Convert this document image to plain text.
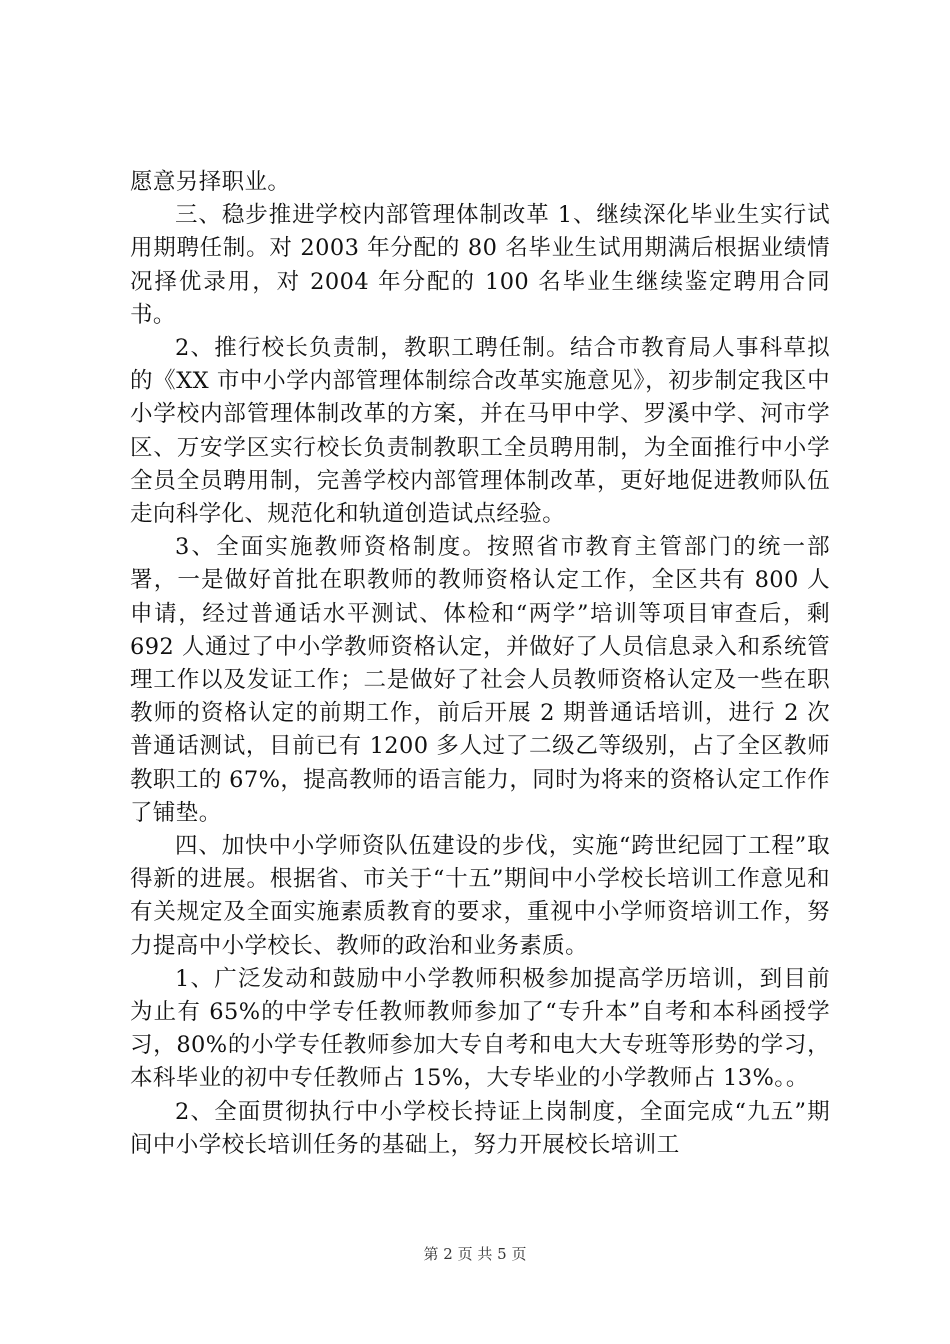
愿意另择职业。

三、稳步推进学校内部管理体制改革 1、继续深化毕业生实行试用期聘任制。对 2003 年分配的 80 名毕业生试用期满后根据业绩情况择优录用，对 2004 年分配的 100 名毕业生继续鉴定聘用合同书。

2、推行校长负责制，教职工聘任制。结合市教育局人事科草拟的《XX 市中小学内部管理体制综合改革实施意见》，初步制定我区中小学校内部管理体制改革的方案，并在马甲中学、罗溪中学、河市学区、万安学区实行校长负责制教职工全员聘用制，为全面推行中小学全员全员聘用制，完善学校内部管理体制改革，更好地促进教师队伍走向科学化、规范化和轨道创造试点经验。

3、全面实施教师资格制度。按照省市教育主管部门的统一部署，一是做好首批在职教师的教师资格认定工作，全区共有 800 人申请，经过普通话水平测试、体检和“两学”培训等项目审查后，剩 692 人通过了中小学教师资格认定，并做好了人员信息录入和系统管理工作以及发证工作；二是做好了社会人员教师资格认定及一些在职教师的资格认定的前期工作，前后开展 2 期普通话培训，进行 2 次普通话测试，目前已有 1200 多人过了二级乙等级别，占了全区教师教职工的 67%，提高教师的语言能力，同时为将来的资格认定工作作了铺垫。

四、加快中小学师资队伍建设的步伐，实施“跨世纪园丁工程”取得新的进展。根据省、市关于“十五”期间中小学校长培训工作意见和有关规定及全面实施素质教育的要求，重视中小学师资培训工作，努力提高中小学校长、教师的政治和业务素质。

1、广泛发动和鼓励中小学教师积极参加提高学历培训，到目前为止有 65%的中学专任教师教师参加了“专升本”自考和本科函授学习，80%的小学专任教师参加大专自考和电大大专班等形势的学习，本科毕业的初中专任教师占 15%，大专毕业的小学教师占 13%。。

2、全面贯彻执行中小学校长持证上岗制度，全面完成“九五”期间中小学校长培训任务的基础上，努力开展校长培训工

第 2 页 共 5 页
